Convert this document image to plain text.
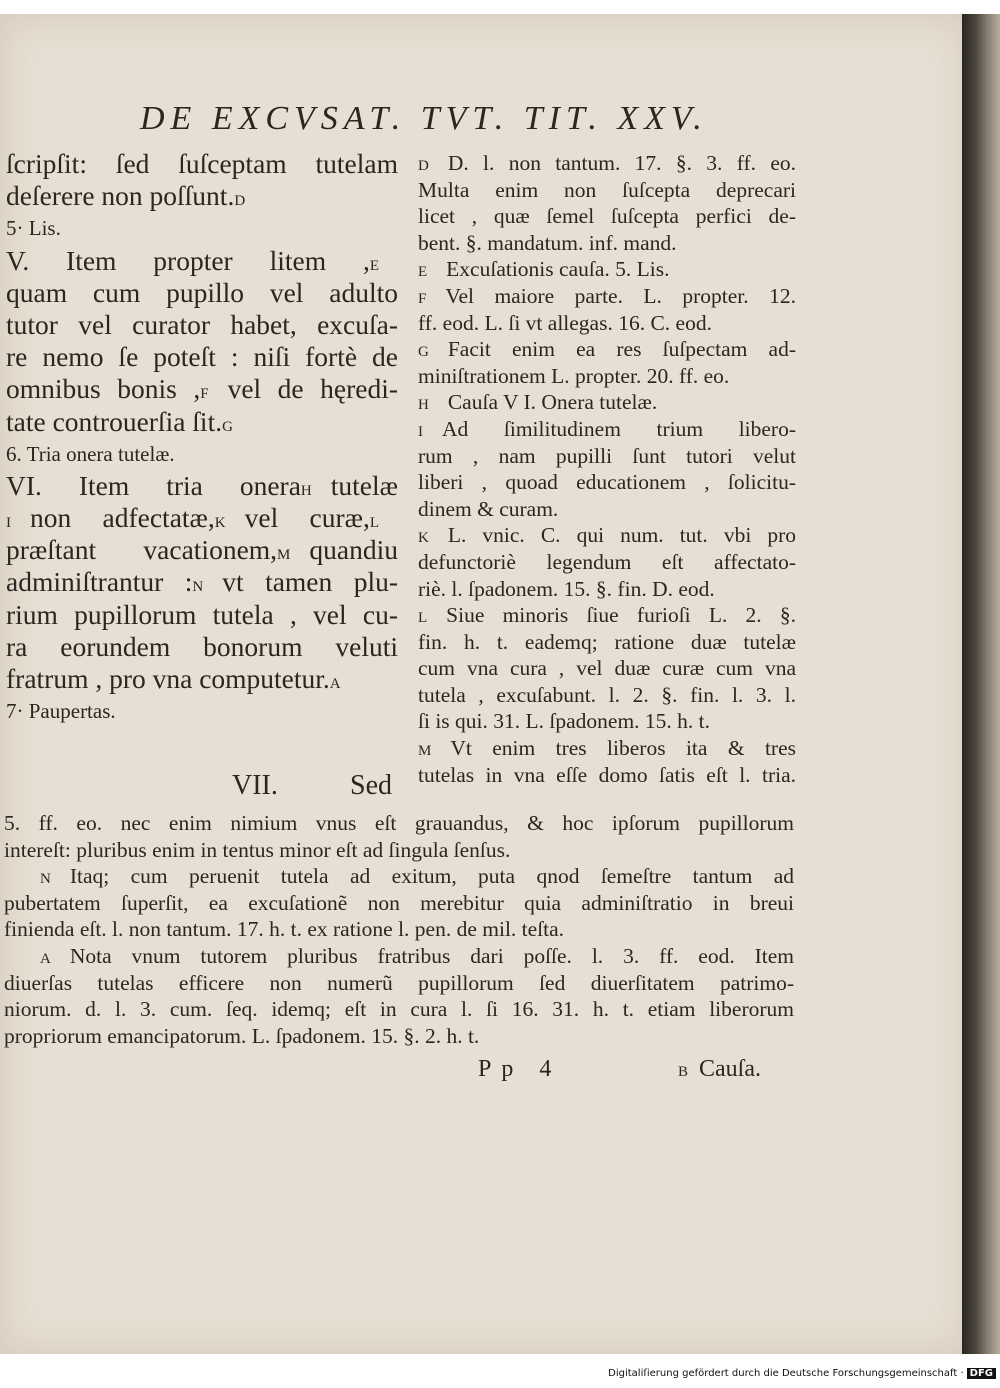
DE EXCVSAT. TVT. TIT. XXV.
ſcripſit: ſed ſuſceptam tutelam
deſerere non poſſunt.D
5· Lis.
V. Item propter litem ,E
quam cum pupillo vel adulto
tutor vel curator habet, excuſa-
re nemo ſe poteſt : niſi fortè de
omnibus bonis ,F vel de hęredi-
tate controuerſia ſit.G
6. Tria onera tutelæ.
VI. Item tria oneraH tutelæ
I non adfectatæ,K vel curæ,L
præſtant vacationem,M quandiu
adminiſtrantur :N vt tamen plu-
rium pupillorum tutela , vel cu-
ra eorundem bonorum veluti
fratrum , pro vna computetur.A
7· Paupertas.
VII. Sed
D D. l. non tantum. 17. §. 3. ff. eo.
Multa enim non ſuſcepta deprecari
licet , quæ ſemel ſuſcepta perfici de-
bent. §. mandatum. inf. mand.
E Excuſationis cauſa. 5. Lis.
F Vel maiore parte. L. propter. 12.
ff. eod. L. ſi vt allegas. 16. C. eod.
G Facit enim ea res ſuſpectam ad-
miniſtrationem L. propter. 20. ff. eo.
H Cauſa V I. Onera tutelæ.
I Ad ſimilitudinem trium libero-
rum , nam pupilli ſunt tutori velut
liberi , quoad educationem , ſolicitu-
dinem & curam.
K L. vnic. C. qui num. tut. vbi pro
defunctoriè legendum eſt affectato-
riè. l. ſpadonem. 15. §. fin. D. eod.
L Siue minoris ſiue furioſi L. 2. §.
fin. h. t. eademq; ratione duæ tutelæ
cum vna cura , vel duæ curæ cum vna
tutela , excuſabunt. l. 2. §. fin. l. 3. l.
ſi is qui. 31. L. ſpadonem. 15. h. t.
M Vt enim tres liberos ita & tres
tutelas in vna eſſe domo ſatis eſt l. tria.
5. ff. eo. nec enim nimium vnus eſt grauandus, & hoc ipſorum pupillorum
intereſt: pluribus enim in tentus minor eſt ad ſingula ſenſus.
N Itaq; cum peruenit tutela ad exitum, puta qnod ſemeſtre tantum ad
pubertatem ſuperſit, ea excuſationẽ non merebitur quia adminiſtratio in breui
finienda eſt. l. non tantum. 17. h. t. ex ratione l. pen. de mil. teſta.
A Nota vnum tutorem pluribus fratribus dari poſſe. l. 3. ff. eod. Item
diuerſas tutelas efficere non numerũ pupillorum ſed diuerſitatem patrimo-
niorum. d. l. 3. cum. ſeq. idemq; eſt in cura l. ſi 16. 31. h. t. etiam liberorum
propriorum emancipatorum. L. ſpadonem. 15. §. 2. h. t.
Pp 4	B Cauſa.
Digitaliſierung gefördert durch die Deutsche Forschungsgemeinschaft · DFG
